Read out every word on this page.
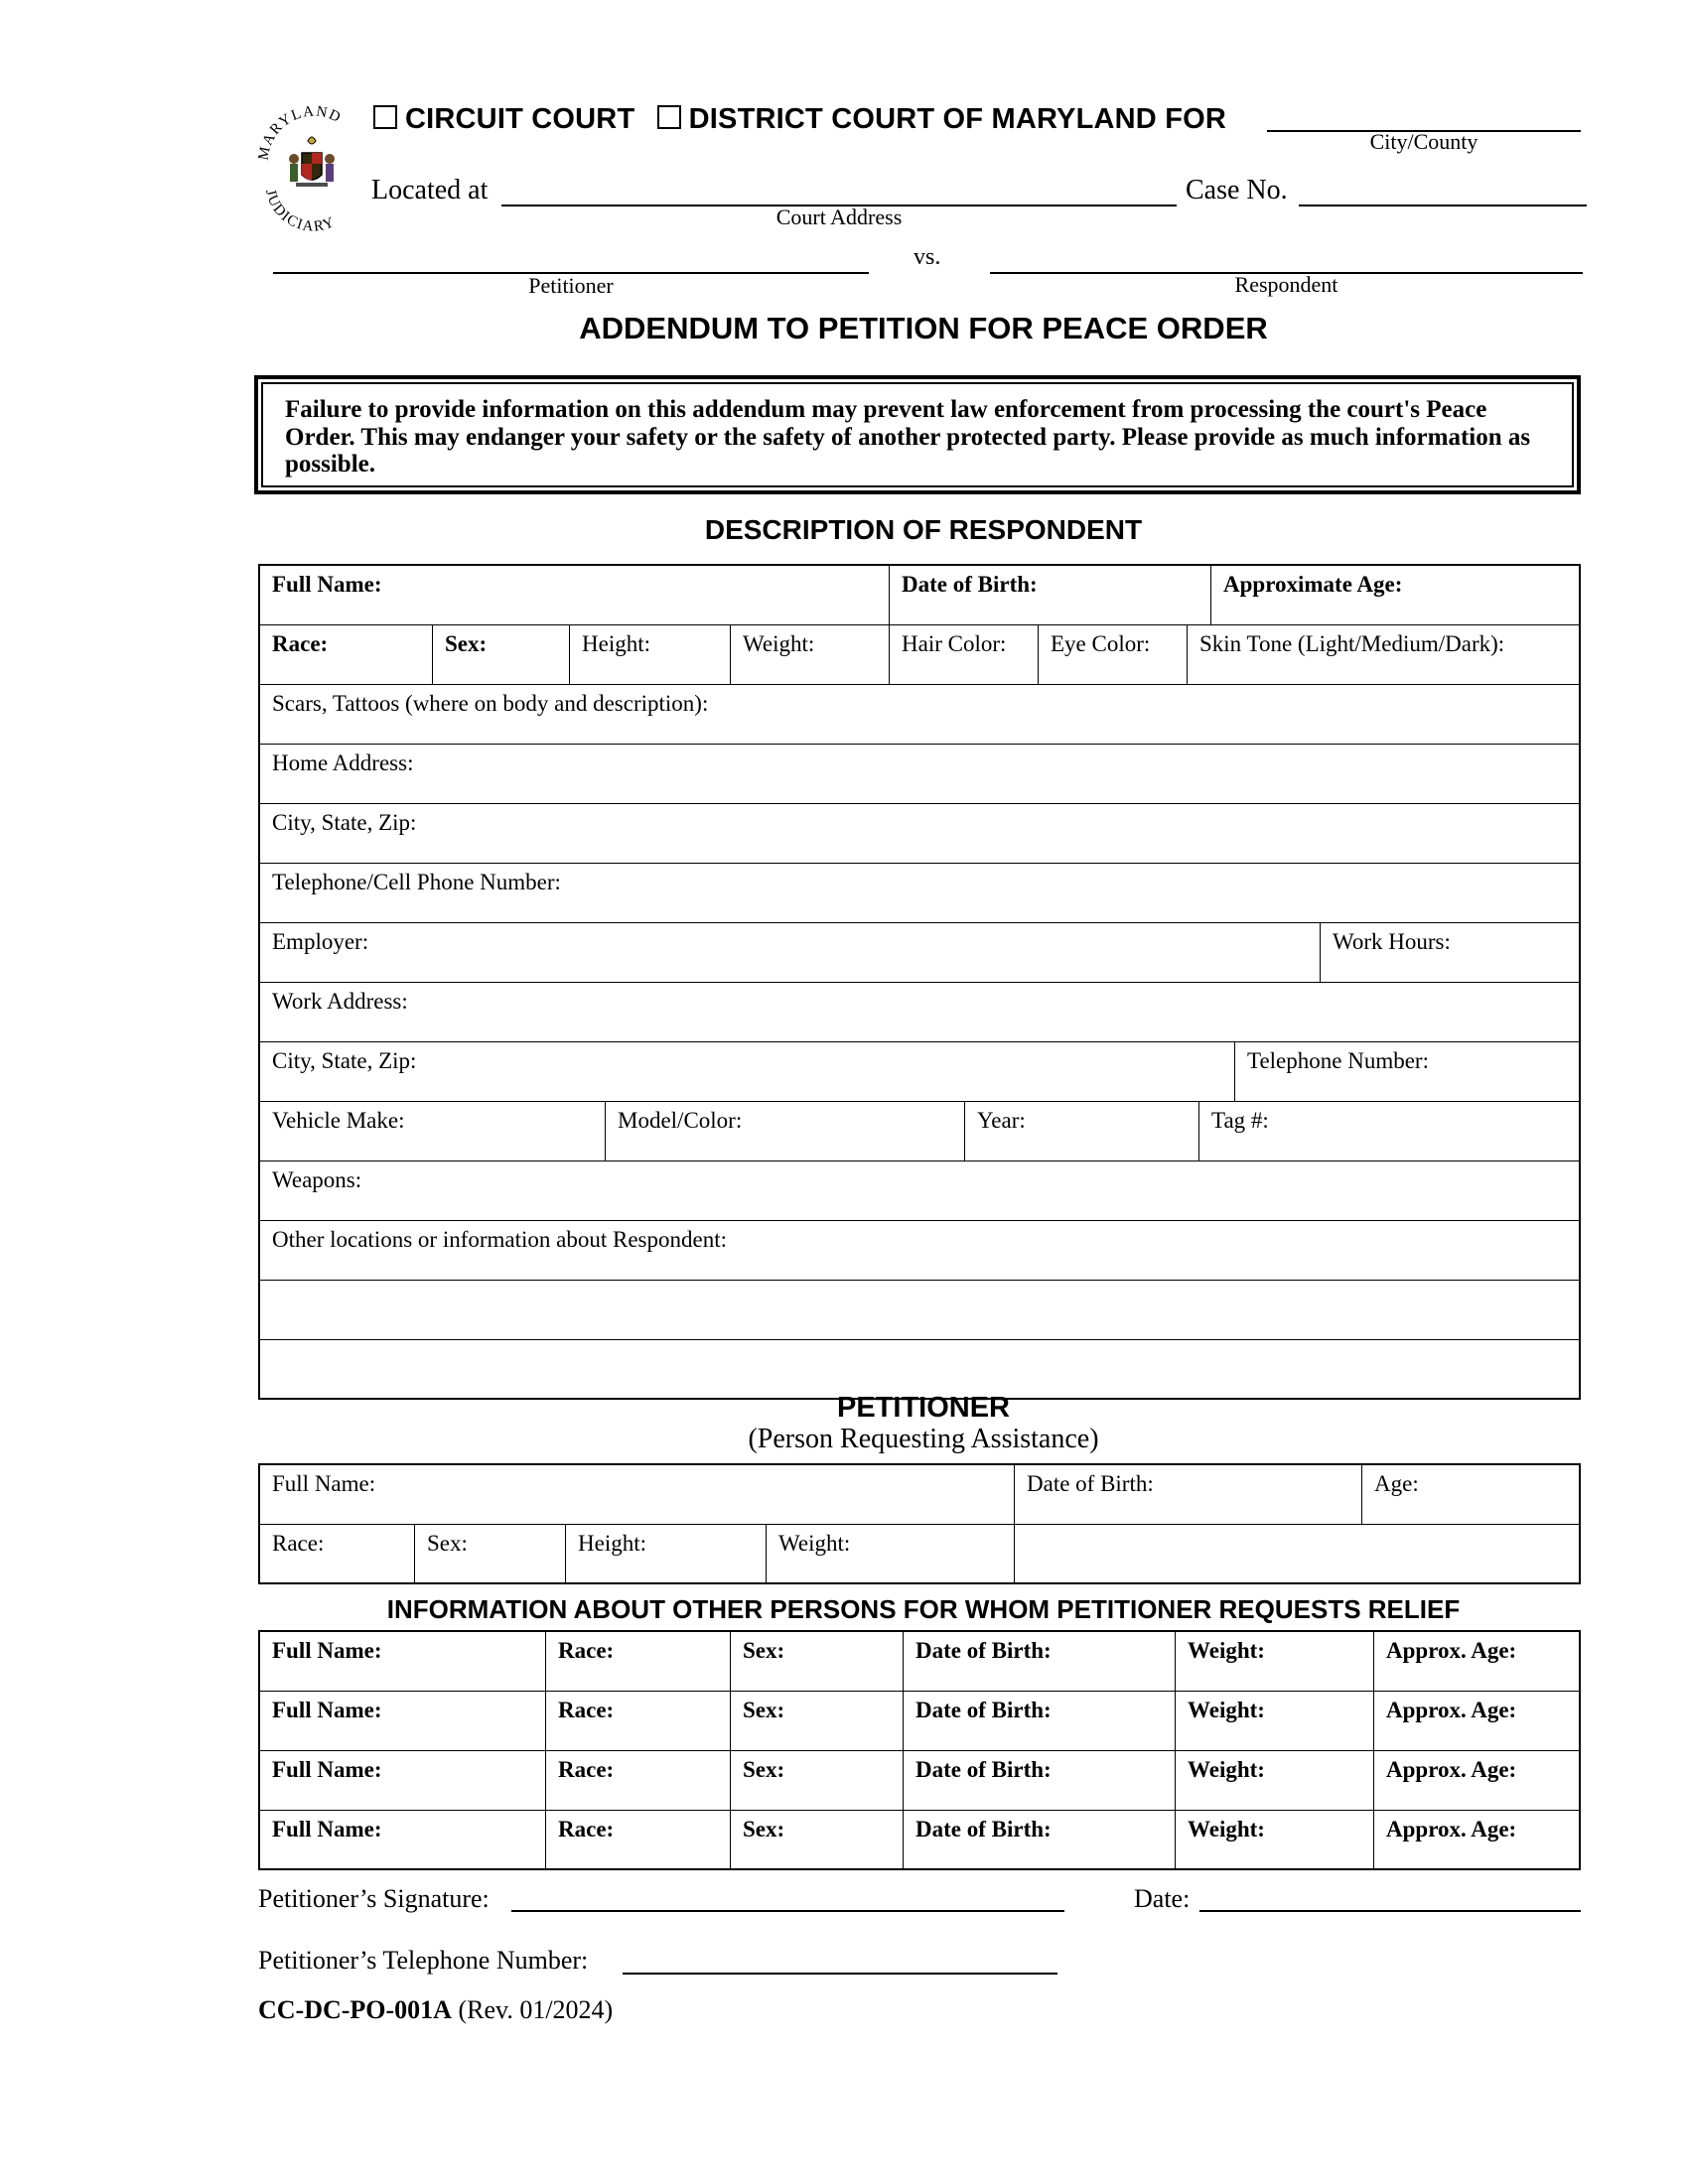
MARYLAND
JUDICIARY
CIRCUIT COURT DISTRICT COURT OF MARYLAND FOR
City/County
Located at
Court Address
Case No.
vs.
Petitioner	Respondent
ADDENDUM TO PETITION FOR PEACE ORDER
Failure to provide information on this addendum may prevent law enforcement from processing the court's Peace Order. This may endanger your safety or the safety of another protected party. Please provide as much information as possible.
DESCRIPTION OF RESPONDENT
Full Name:	Date of Birth:	Approximate Age:
Race:	Sex:	Height:	Weight:	Hair Color:	Eye Color:	Skin Tone (Light/Medium/Dark):
Scars, Tattoos (where on body and description):
Home Address:
City, State, Zip:
Telephone/Cell Phone Number:
Employer:	Work Hours:
Work Address:
City, State, Zip:	Telephone Number:
Vehicle Make:	Model/Color:	Year:	Tag #:
Weapons:
Other locations or information about Respondent:
PETITIONER
(Person Requesting Assistance)
Full Name:	Date of Birth:	Age:
Race:	Sex:	Height:	Weight:
INFORMATION ABOUT OTHER PERSONS FOR WHOM PETITIONER REQUESTS RELIEF
Full Name:	Race:	Sex:	Date of Birth:	Weight:	Approx. Age:
Full Name:	Race:	Sex:	Date of Birth:	Weight:	Approx. Age:
Full Name:	Race:	Sex:	Date of Birth:	Weight:	Approx. Age:
Full Name:	Race:	Sex:	Date of Birth:	Weight:	Approx. Age:
Petitioner’s Signature:	Date:
Petitioner’s Telephone Number:
CC-DC-PO-001A (Rev. 01/2024)
